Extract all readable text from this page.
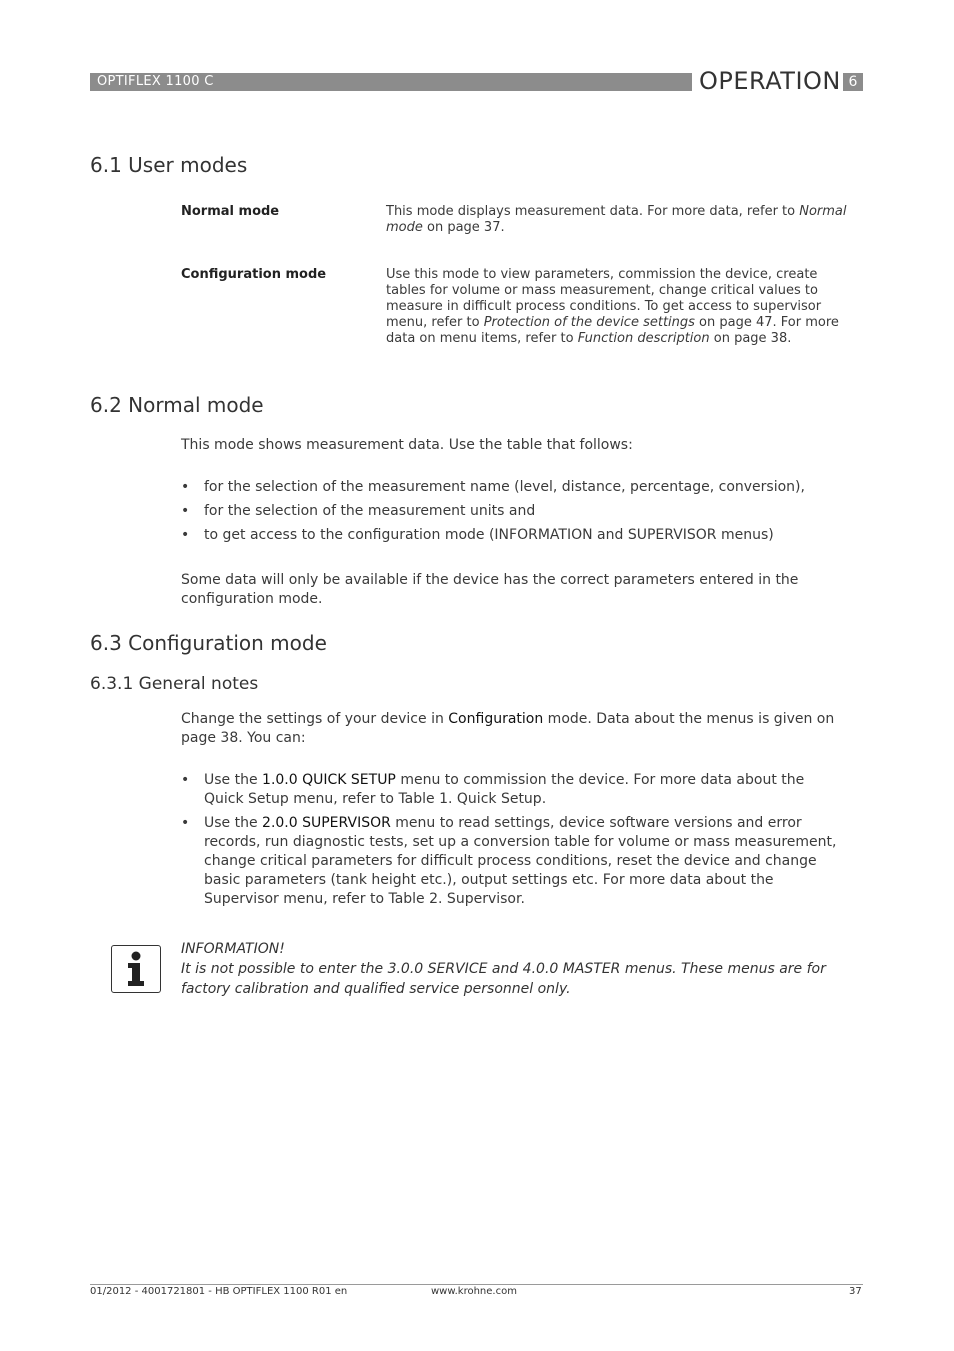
OPTIFLEX 1100 C	OPERATION 6
6.1 User modes
Normal mode	This mode displays measurement data. For more data, refer to Normal mode on page 37.
Configuration mode	Use this mode to view parameters, commission the device, create tables for volume or mass measurement, change critical values to measure in difficult process conditions. To get access to supervisor menu, refer to Protection of the device settings on page 47. For more data on menu items, refer to Function description on page 38.
6.2 Normal mode
This mode shows measurement data. Use the table that follows:
• for the selection of the measurement name (level, distance, percentage, conversion),
• for the selection of the measurement units and
• to get access to the configuration mode (INFORMATION and SUPERVISOR menus)
Some data will only be available if the device has the correct parameters entered in the configuration mode.
6.3 Configuration mode
6.3.1 General notes
Change the settings of your device in Configuration mode. Data about the menus is given on page 38. You can:
• Use the 1.0.0 QUICK SETUP menu to commission the device. For more data about the Quick Setup menu, refer to Table 1. Quick Setup.
• Use the 2.0.0 SUPERVISOR menu to read settings, device software versions and error records, run diagnostic tests, set up a conversion table for volume or mass measurement, change critical parameters for difficult process conditions, reset the device and change basic parameters (tank height etc.), output settings etc. For more data about the Supervisor menu, refer to Table 2. Supervisor.
INFORMATION!
It is not possible to enter the 3.0.0 SERVICE and 4.0.0 MASTER menus. These menus are for factory calibration and qualified service personnel only.
01/2012 - 4001721801 - HB OPTIFLEX 1100 R01 en	www.krohne.com	37
